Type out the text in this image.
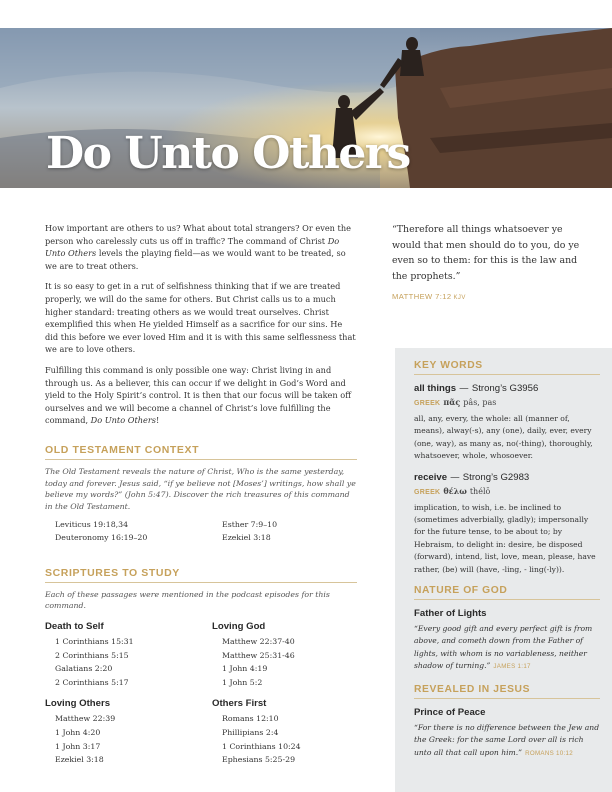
Do Unto Others

How important are others to us? What about total strangers? Or even the person who carelessly cuts us off in traffic? The command of Christ Do Unto Others levels the playing field—as we would want to be treated, so we are to treat others.

It is so easy to get in a rut of selfishness thinking that if we are treated properly, we will do the same for others. But Christ calls us to a much higher standard: treating others as we would treat ourselves. Christ exemplified this when He yielded Himself as a sacrifice for our sins. He did this before we ever loved Him and it is with this same selflessness that we are to love others.

Fulfilling this command is only possible one way: Christ living in and through us. As a believer, this can occur if we delight in God’s Word and yield to the Holy Spirit’s control. It is then that our focus will be taken off ourselves and we will become a channel of Christ’s love fulfilling the command, Do Unto Others!

OLD TESTAMENT CONTEXT

The Old Testament reveals the nature of Christ, Who is the same yesterday, today and forever. Jesus said, “if ye believe not [Moses’] writings, how shall ye believe my words?” (John 5:47). Discover the rich treasures of this command in the Old Testament.

Leviticus 19:18,34	Esther 7:9–10
Deuteronomy 16:19–20	Ezekiel 3:18
SCRIPTURES TO STUDY

Each of these passages were mentioned in the podcast episodes for this command.

Death to Self
1 Corinthians 15:31
2 Corinthians 5:15
Galatians 2:20
2 Corinthians 5:17
Loving God
Matthew 22:37-40
Matthew 25:31-46
1 John 4:19
1 John 5:2
Loving Others
Matthew 22:39
1 John 4:20
1 John 3:17
Ezekiel 3:18
Others First
Romans 12:10
Phillipians 2:4
1 Corinthians 10:24
Ephesians 5:25-29

“Therefore all things whatsoever ye would that men should do to you, do ye even so to them: for this is the law and the prophets.”

MATTHEW 7:12 KJV
KEY WORDS
all things — Strong’s G3956
GREEK πᾶς pâs, pas

all, any, every, the whole: all (manner of, means), alway(-s), any (one), daily, ever, every (one, way), as many as, no(-thing), thoroughly, whatsoever, whole, whosoever.

receive — Strong’s G2983
GREEK θέλω thélō

implication, to wish, i.e. be inclined to (sometimes adverbially, gladly); impersonally for the future tense, to be about to; by Hebraism, to delight in: desire, be disposed (forward), intend, list, love, mean, please, have rather, (be) will (have, -ling, - ling(-ly)).

NATURE OF GOD
Father of Lights

“Every good gift and every perfect gift is from above, and cometh down from the Father of lights, with whom is no variableness, neither shadow of turning.” JAMES 1:17

REVEALED IN JESUS
Prince of Peace

“For there is no difference between the Jew and the Greek: for the same Lord over all is rich unto all that call upon him.” ROMANS 10:12
